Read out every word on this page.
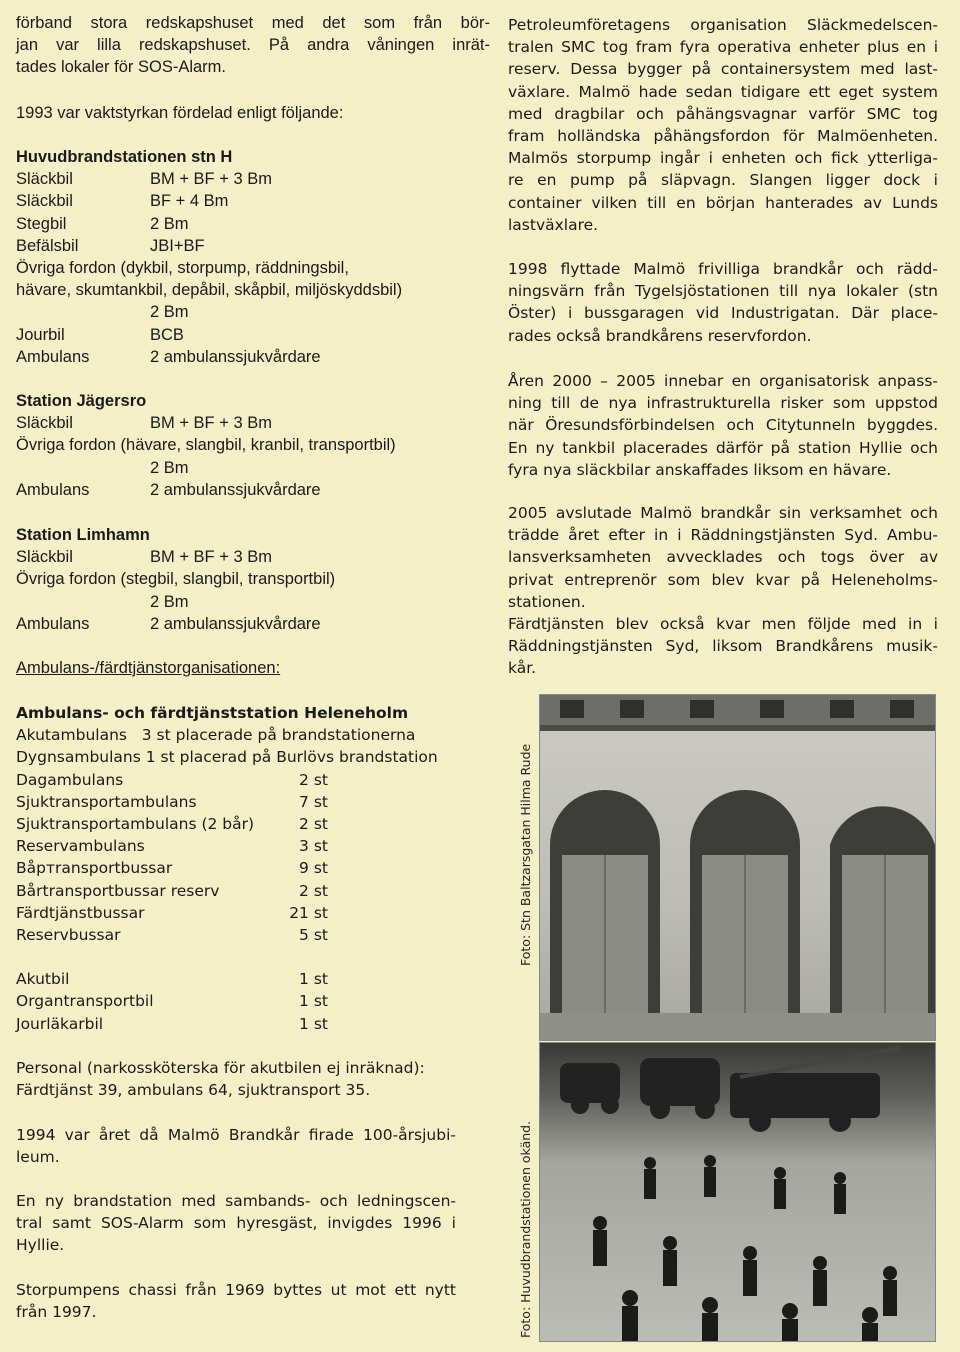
förband stora redskapshuset med det som från bör-
jan var lilla redskapshuset. På andra våningen inrät-
tades lokaler för SOS-Alarm.
1993 var vaktstyrkan fördelad enligt följande:
Huvudbrandstationen stn H
Släckbil	BM + BF + 3 Bm
Släckbil	BF + 4 Bm
Stegbil	2 Bm
Befälsbil	JBI+BF
Övriga fordon (dykbil, storpump, räddningsbil,
hävare, skumtankbil, depåbil, skåpbil, miljöskyddsbil)
2 Bm
Jourbil	BCB
Ambulans	2 ambulanssjukvårdare
Station Jägersro
Släckbil	BM + BF + 3 Bm
Övriga fordon (hävare, slangbil, kranbil, transportbil)
2 Bm
Ambulans	2 ambulanssjukvårdare
Station Limhamn
Släckbil	BM + BF + 3 Bm
Övriga fordon (stegbil, slangbil, transportbil)
2 Bm
Ambulans	2 ambulanssjukvårdare
Ambulans-/färdtjänstorganisationen:
Ambulans- och färdtjänststation Heleneholm
Akutambulans   3 st placerade på brandstationerna
Dygnsambulans 1 st placerad på Burlövs brandstation
Dagambulans	2 st
Sjuktransportambulans	7 st
Sjuktransportambulans (2 bår)	2 st
Reservambulans	3 st
Båртransportbussar	9 st
Bårtransportbussar reserv	2 st
Färdtjänstbussar	21 st
Reservbussar	5 st
Akutbil	1 st
Organtransportbil	1 st
Jourläkarbil	1 st
Personal (narkossköterska för akutbilen ej inräknad):
Färdtjänst 39, ambulans 64, sjuktransport 35.
1994 var året då Malmö Brandkår firade 100-årsjubi-
leum.
En ny brandstation med sambands- och ledningscen-
tral samt SOS-Alarm som hyresgäst, invigdes 1996 i
Hyllie.
Storpumpens chassi från 1969 byttes ut mot ett nytt
från 1997.
Petroleumföretagens organisation Släckmedelscen-
tralen SMC tog fram fyra operativa enheter plus en i
reserv. Dessa bygger på containersystem med last-
växlare. Malmö hade sedan tidigare ett eget system
med dragbilar och påhängsvagnar varför SMC tog
fram holländska påhängsfordon för Malmöenheten.
Malmös storpump ingår i enheten och fick ytterliga-
re en pump på släpvagn. Slangen ligger dock i
container vilken till en början hanterades av Lunds
lastväxlare.
1998 flyttade Malmö frivilliga brandkår och rädd-
ningsvärn från Tygelsjöstationen till nya lokaler (stn
Öster) i bussgaragen vid Industrigatan. Där place-
rades också brandkårens reservfordon.
Åren 2000 – 2005 innebar en organisatorisk anpass-
ning till de nya infrastrukturella risker som uppstod
när Öresundsförbindelsen och Citytunneln byggdes.
En ny tankbil placerades därför på station Hyllie och
fyra nya släckbilar anskaffades liksom en hävare.
2005 avslutade Malmö brandkår sin verksamhet och
trädde året efter in i Räddningstjänsten Syd. Ambu-
lansverksamheten avvecklades och togs över av
privat entreprenör som blev kvar på Heleneholms-
stationen.
Färdtjänsten blev också kvar men följde med in i
Räddningstjänsten Syd, liksom Brandkårens musik-
kår.
Foto: Stn Baltzarsgatan Hilma Rude
Foto: Huvudbrandstationen okänd.
